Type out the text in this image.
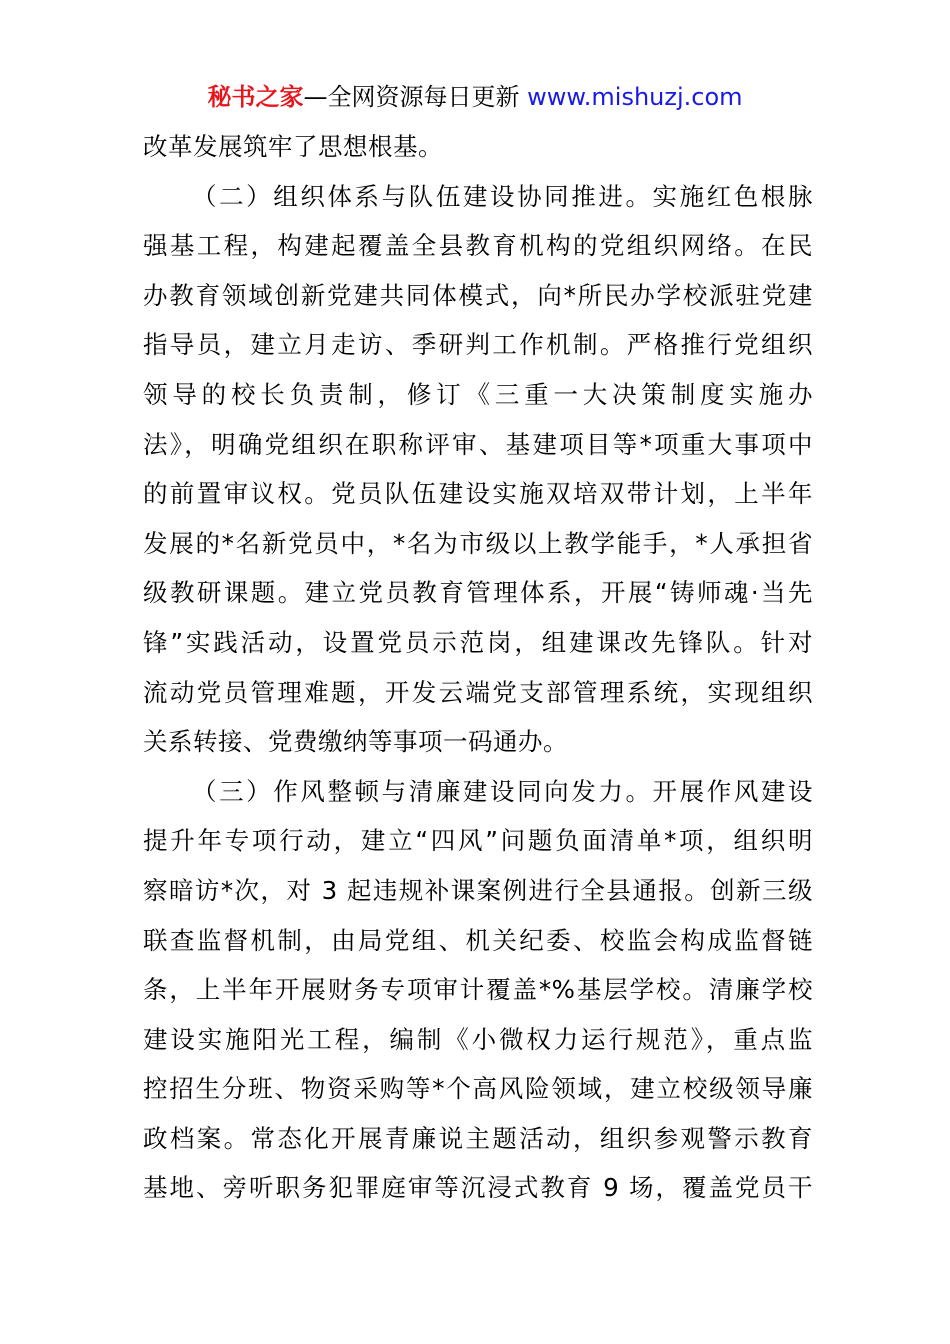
秘书之家—全网资源每日更新 www.mishuzj.com
改革发展筑牢了思想根基。
（二）组织体系与队伍建设协同推进。实施红色根脉
强基工程，构建起覆盖全县教育机构的党组织网络。在民
办教育领域创新党建共同体模式，向*所民办学校派驻党建
指导员，建立月走访、季研判工作机制。严格推行党组织
领导的校长负责制，修订《三重一大决策制度实施办
法》，明确党组织在职称评审、基建项目等*项重大事项中
的前置审议权。党员队伍建设实施双培双带计划，上半年
发展的*名新党员中，*名为市级以上教学能手，*人承担省
级教研课题。建立党员教育管理体系，开展“铸师魂·当先
锋”实践活动，设置党员示范岗，组建课改先锋队。针对
流动党员管理难题，开发云端党支部管理系统，实现组织
关系转接、党费缴纳等事项一码通办。
（三）作风整顿与清廉建设同向发力。开展作风建设
提升年专项行动，建立“四风”问题负面清单*项，组织明
察暗访*次，对 3 起违规补课案例进行全县通报。创新三级
联查监督机制，由局党组、机关纪委、校监会构成监督链
条，上半年开展财务专项审计覆盖*%基层学校。清廉学校
建设实施阳光工程，编制《小微权力运行规范》，重点监
控招生分班、物资采购等*个高风险领域，建立校级领导廉
政档案。常态化开展青廉说主题活动，组织参观警示教育
基地、旁听职务犯罪庭审等沉浸式教育 9 场，覆盖党员干
